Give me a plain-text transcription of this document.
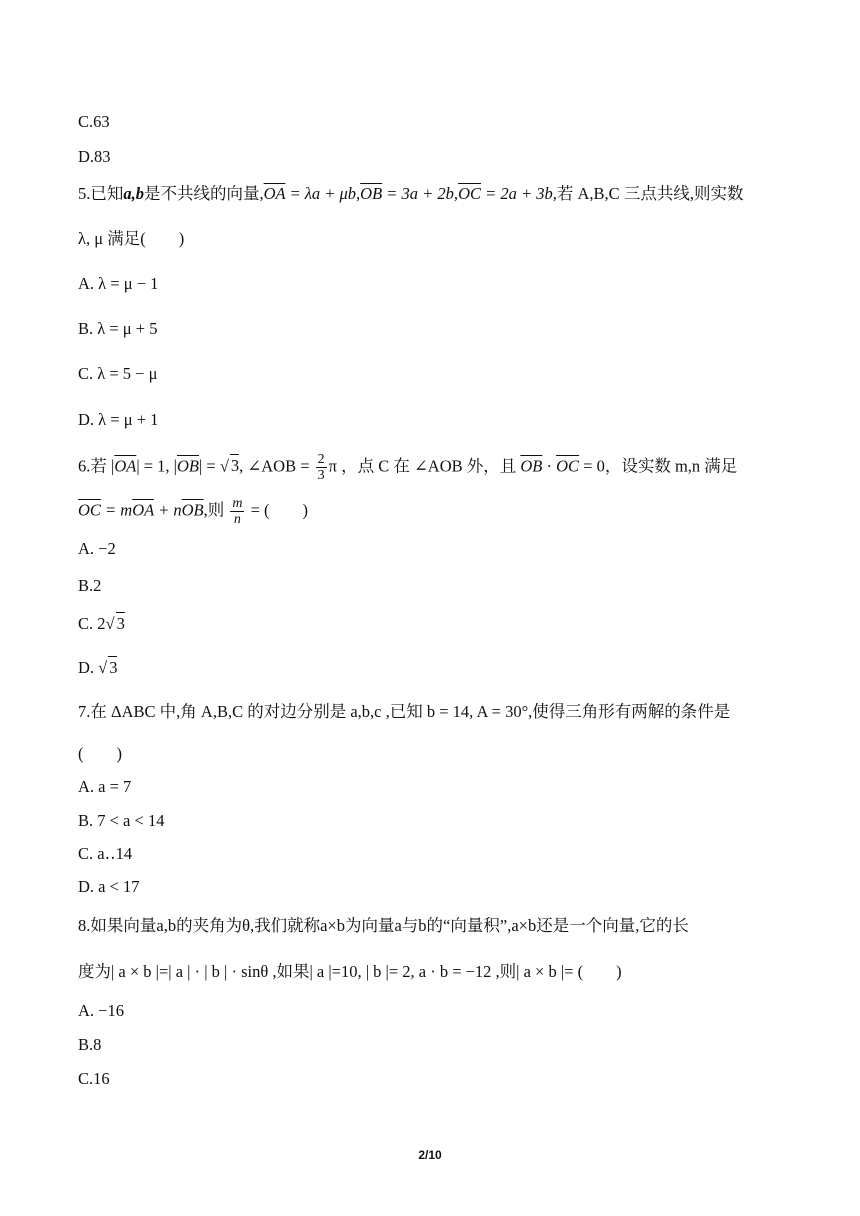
C.63
D.83
5.已知a,b是不共线的向量$,\overline{OA} = \lambda a + \mu b,\overline{OB} = 3a + 2b,\overline{OC} = 2a + 3b$,若 A,B,C 三点共线,则实数
λ, μ 满足(　　)
A. λ = μ − 1
B. λ = μ + 5
C. λ = 5 − μ
D. λ = μ + 1
6.若 $|\overline{OA}| = 1$, $|\overline{OB}|$ = √ 3, ∠AOB = $\frac{2}{3}$ π ，点 C 在 ∠AOB 外，且 $\overline{OB} \cdot \overline{OC} = 0$，设实数 m,n 满足
$\overline{OC} = m\overline{OA} + n\overline{OB}$,则 $\frac{m}{n}$ = (　　)
A. −2
B.2
C. 2√ 3
D. √ 3
7.在 ΔABC 中,角 A,B,C 的对边分别是 a,b,c ,已知 b = 14, A = 30°,使得三角形有两解的条件是
(　　)
A. a = 7
B. 7 < a < 14
C. a‥14
D. a < 17
8.如果向量a,b的夹角为θ,我们就称a×b为向量a与b的“向量积”,a×b还是一个向量,它的长
度为| a × b |=| a | · | b | · sinθ ,如果| a |=10, | b |= 2, a · b = −12 ,则| a × b |= (　　)
A. −16
B.8
C.16
2/10
